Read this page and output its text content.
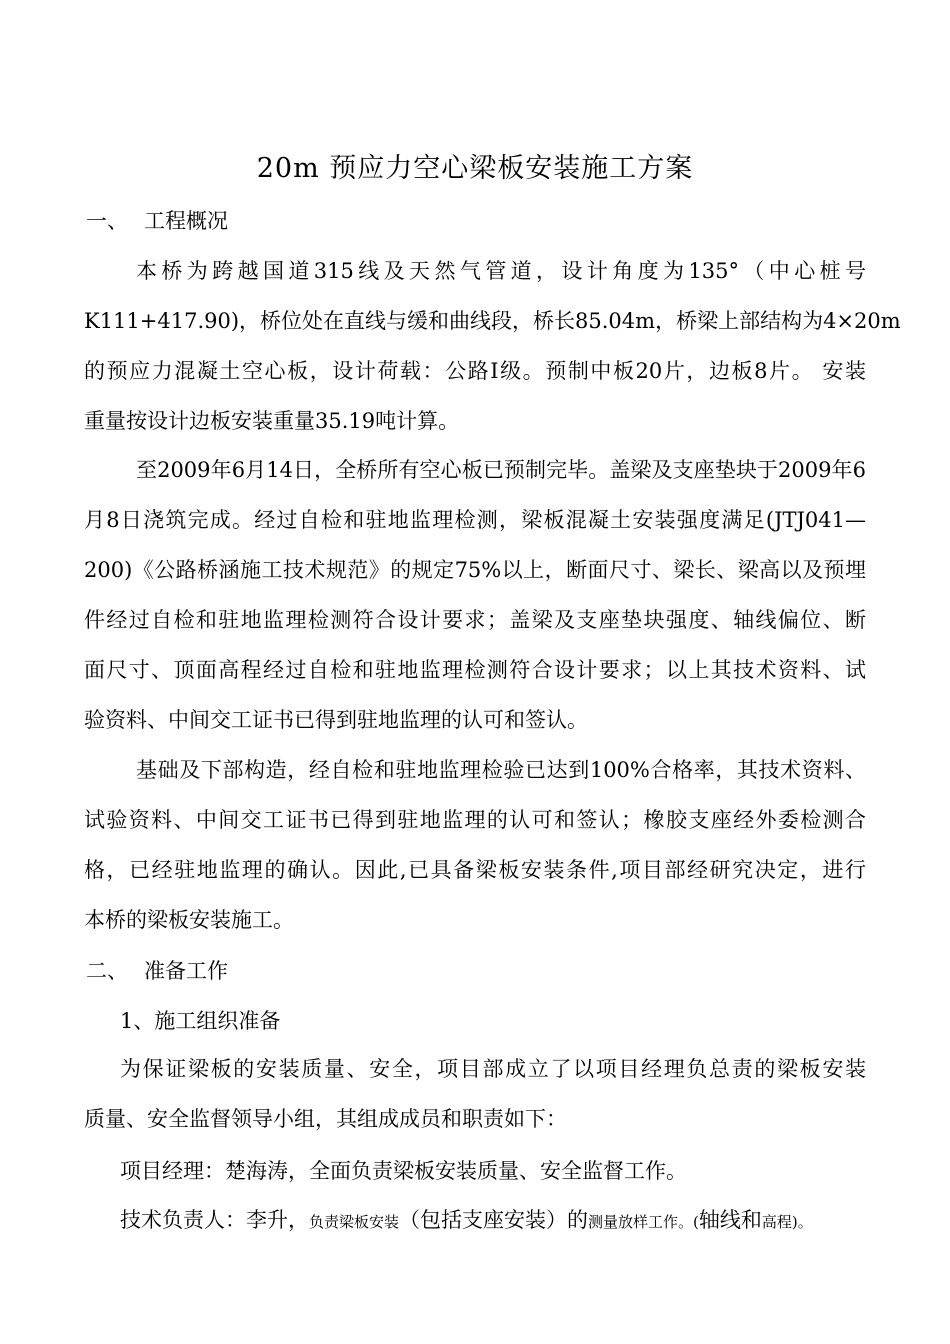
20m 预应力空心梁板安装施工方案
一、 工程概况
本桥为跨越国道315线及天然气管道，设计角度为135°（中心桩号
K111+417.90)，桥位处在直线与缓和曲线段，桥长85.04m，桥梁上部结构为4×20m
的预应力混凝土空心板，设计荷载：公路Ⅰ级。预制中板20片，边板8片。 安装
重量按设计边板安装重量35.19吨计算。
至2009年6月14日，全桥所有空心板已预制完毕。盖梁及支座垫块于2009年6
月8日浇筑完成。经过自检和驻地监理检测，梁板混凝土安装强度满足(JTJ041—
200)《公路桥涵施工技术规范》的规定75%以上，断面尺寸、梁长、梁高以及预埋
件经过自检和驻地监理检测符合设计要求；盖梁及支座垫块强度、轴线偏位、断
面尺寸、顶面高程经过自检和驻地监理检测符合设计要求；以上其技术资料、试
验资料、中间交工证书已得到驻地监理的认可和签认。
基础及下部构造，经自检和驻地监理检验已达到100%合格率，其技术资料、
试验资料、中间交工证书已得到驻地监理的认可和签认；橡胶支座经外委检测合
格，已经驻地监理的确认。因此,已具备梁板安装条件,项目部经研究决定，进行
本桥的梁板安装施工。
二、 准备工作
1、施工组织准备
为保证梁板的安装质量、安全，项目部成立了以项目经理负总责的梁板安装
质量、安全监督领导小组，其组成成员和职责如下：
项目经理：楚海涛，全面负责梁板安装质量、安全监督工作。
技术负责人：李升，负责梁板安装（包括支座安装）的测量放样工作。(轴线和高程)。
